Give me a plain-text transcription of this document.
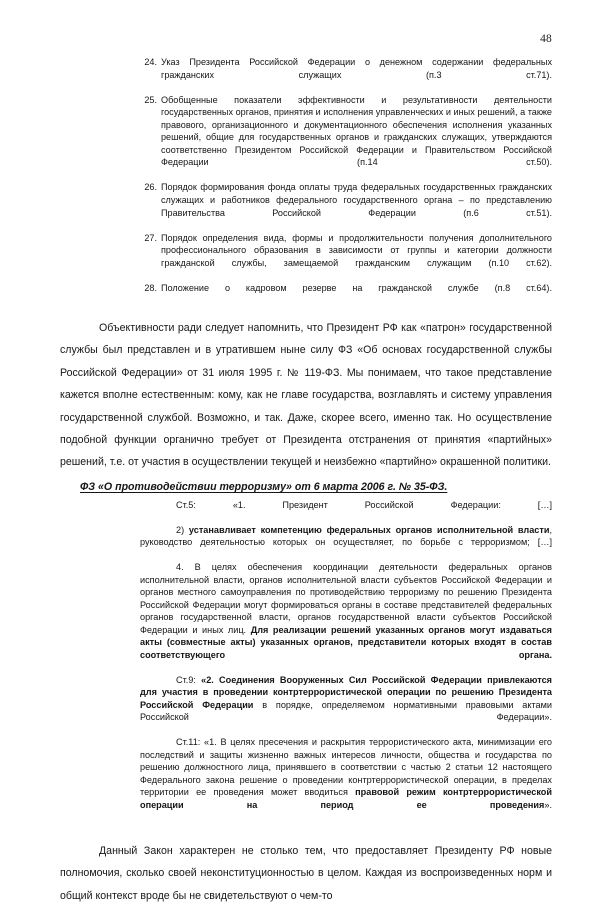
48
24. Указ Президента Российской Федерации о денежном содержании федеральных гражданских служащих (п.3 ст.71).
25. Обобщенные показатели эффективности и результативности деятельности государственных органов, принятия и исполнения управленческих и иных решений, а также правового, организационного и документационного обеспечения исполнения указанных решений, общие для государственных органов и гражданских служащих, утверждаются соответственно Президентом Российской Федерации и Правительством Российской Федерации (п.14 ст.50).
26. Порядок формирования фонда оплаты труда федеральных государственных гражданских служащих и работников федерального государственного органа – по представлению Правительства Российской Федерации (п.6 ст.51).
27. Порядок определения вида, формы и продолжительности получения дополнительного профессионального образования в зависимости от группы и категории должности гражданской службы, замещаемой гражданским служащим (п.10 ст.62).
28. Положение о кадровом резерве на гражданской службе (п.8 ст.64).

Объективности ради следует напомнить, что Президент РФ как «патрон» государственной службы был представлен и в утратившем ныне силу ФЗ «Об основах государственной службы Российской Федерации» от 31 июля 1995 г. № 119-ФЗ. Мы понимаем, что такое представление кажется вполне естественным: кому, как не главе государства, возглавлять и систему управления государственной службой. Возможно, и так. Даже, скорее всего, именно так. Но осуществление подобной функции органично требует от Президента отстранения от принятия «партийных» решений, т.е. от участия в осуществлении текущей и неизбежно «партийно» окрашенной политики.

ФЗ «О противодействии терроризму» от 6 марта 2006 г. № 35-ФЗ.

Ст.5: «1. Президент Российской Федерации: […]

2) устанавливает компетенцию федеральных органов исполнительной власти, руководство деятельностью которых он осуществляет, по борьбе с терроризмом; […]

4. В целях обеспечения координации деятельности федеральных органов исполнительной власти, органов исполнительной власти субъектов Российской Федерации и органов местного самоуправления по противодействию терроризму по решению Президента Российской Федерации могут формироваться органы в составе представителей федеральных органов государственной власти, органов государственной власти субъектов Российской Федерации и иных лиц. Для реализации решений указанных органов могут издаваться акты (совместные акты) указанных органов, представители которых входят в состав соответствующего органа.

Ст.9: «2. Соединения Вооруженных Сил Российской Федерации привлекаются для участия в проведении контртеррористической операции по решению Президента Российской Федерации в порядке, определяемом нормативными правовыми актами Российской Федерации».

Ст.11: «1. В целях пресечения и раскрытия террористического акта, минимизации его последствий и защиты жизненно важных интересов личности, общества и государства по решению должностного лица, принявшего в соответствии с частью 2 статьи 12 настоящего Федерального закона решение о проведении контртеррористической операции, в пределах территории ее проведения может вводиться правовой режим контртеррористической операции на период ее проведения».

Данный Закон характерен не столько тем, что предоставляет Президенту РФ новые полномочия, сколько своей неконституционностью в целом. Каждая из воспроизведенных норм и общий контекст вроде бы не свидетельствуют о чем-то
